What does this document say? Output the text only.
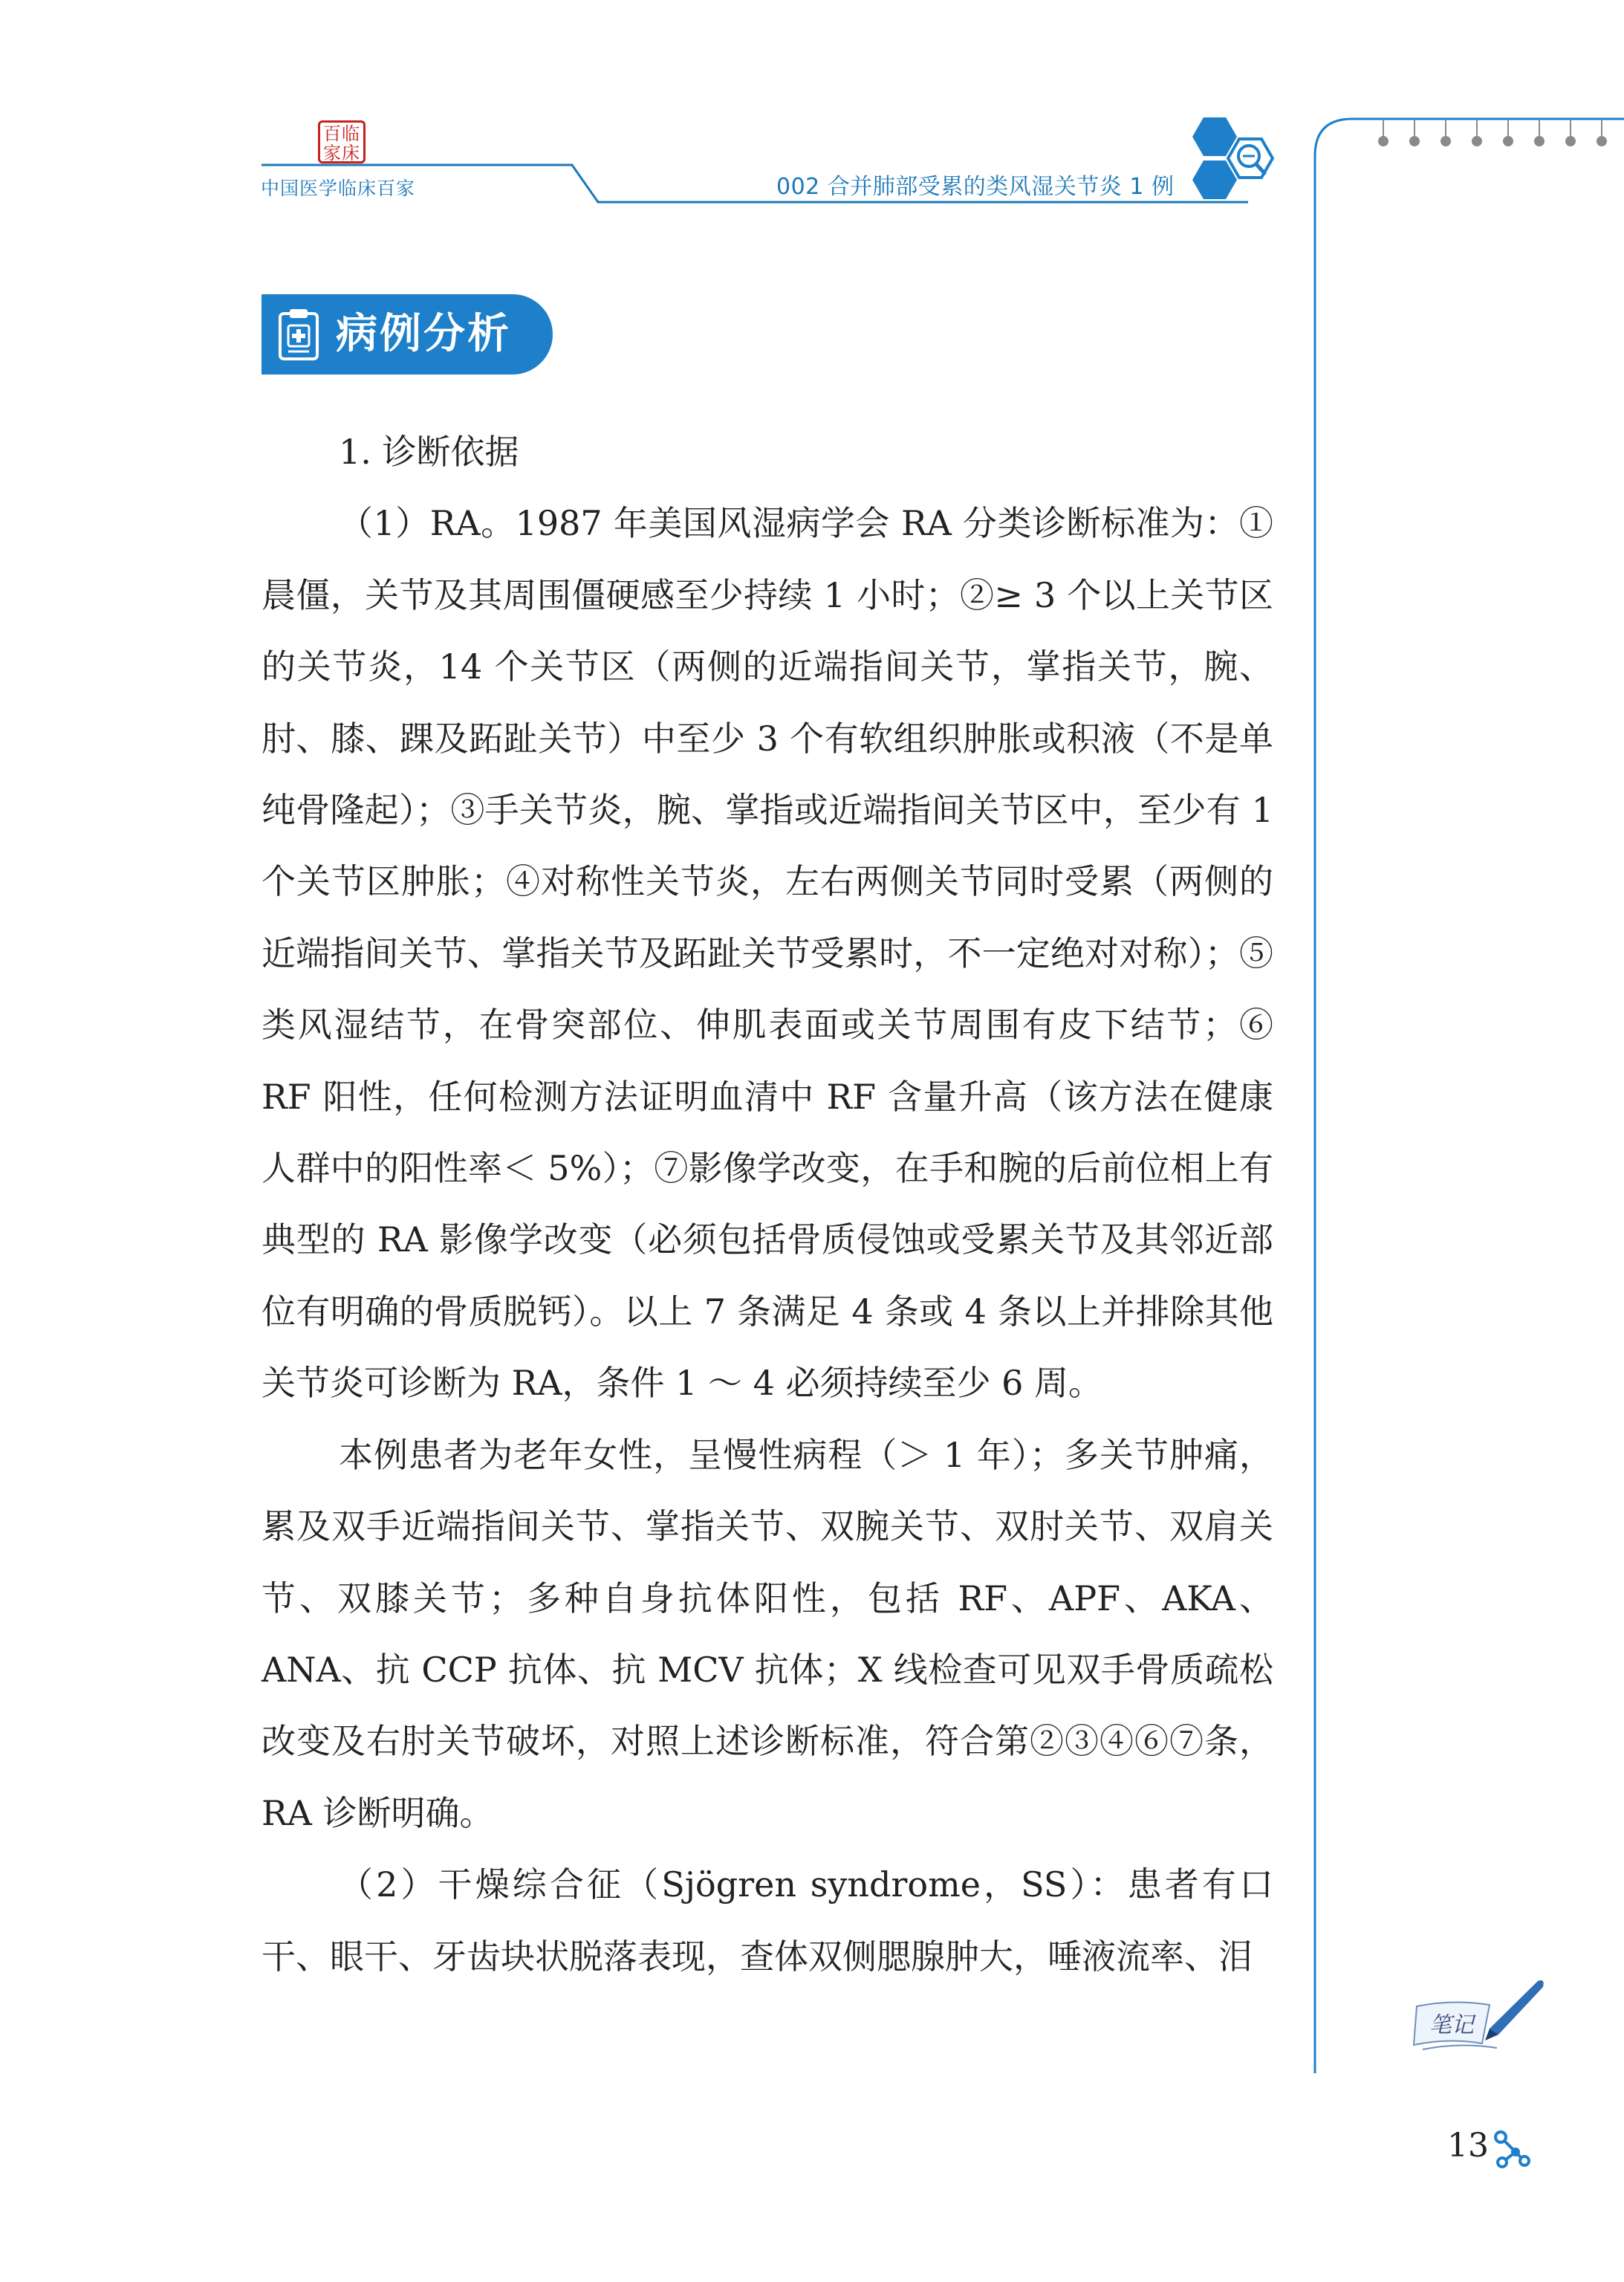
百临家床
中国医学临床百家	002 合并肺部受累的类风湿关节炎 1 例
笔记
病例分析

1. 诊断依据

（1）RA。1987 年美国风湿病学会 RA 分类诊断标准为：①晨僵，关节及其周围僵硬感至少持续 1 小时；②≥ 3 个以上关节区的关节炎，14 个关节区（两侧的近端指间关节，掌指关节，腕、肘、膝、踝及跖趾关节）中至少 3 个有软组织肿胀或积液（不是单纯骨隆起）；③手关节炎，腕、掌指或近端指间关节区中，至少有 1 个关节区肿胀；④对称性关节炎，左右两侧关节同时受累（两侧的近端指间关节、掌指关节及跖趾关节受累时，不一定绝对对称）；⑤类风湿结节，在骨突部位、伸肌表面或关节周围有皮下结节；⑥ RF 阳性，任何检测方法证明血清中 RF 含量升高（该方法在健康人群中的阳性率＜ 5%）；⑦影像学改变，在手和腕的后前位相上有典型的 RA 影像学改变（必须包括骨质侵蚀或受累关节及其邻近部位有明确的骨质脱钙）。以上 7 条满足 4 条或 4 条以上并排除其他关节炎可诊断为 RA，条件 1 ～ 4 必须持续至少 6 周。

本例患者为老年女性，呈慢性病程（＞ 1 年）；多关节肿痛，累及双手近端指间关节、掌指关节、双腕关节、双肘关节、双肩关节、双膝关节；多种自身抗体阳性，包括 RF、APF、AKA、ANA、抗 CCP 抗体、抗 MCV 抗体；X 线检查可见双手骨质疏松改变及右肘关节破坏，对照上述诊断标准，符合第②③④⑥⑦条，RA 诊断明确。

（2）干燥综合征（Sjögren syndrome，SS）：患者有口干、眼干、牙齿块状脱落表现，查体双侧腮腺肿大，唾液流率、泪

13
